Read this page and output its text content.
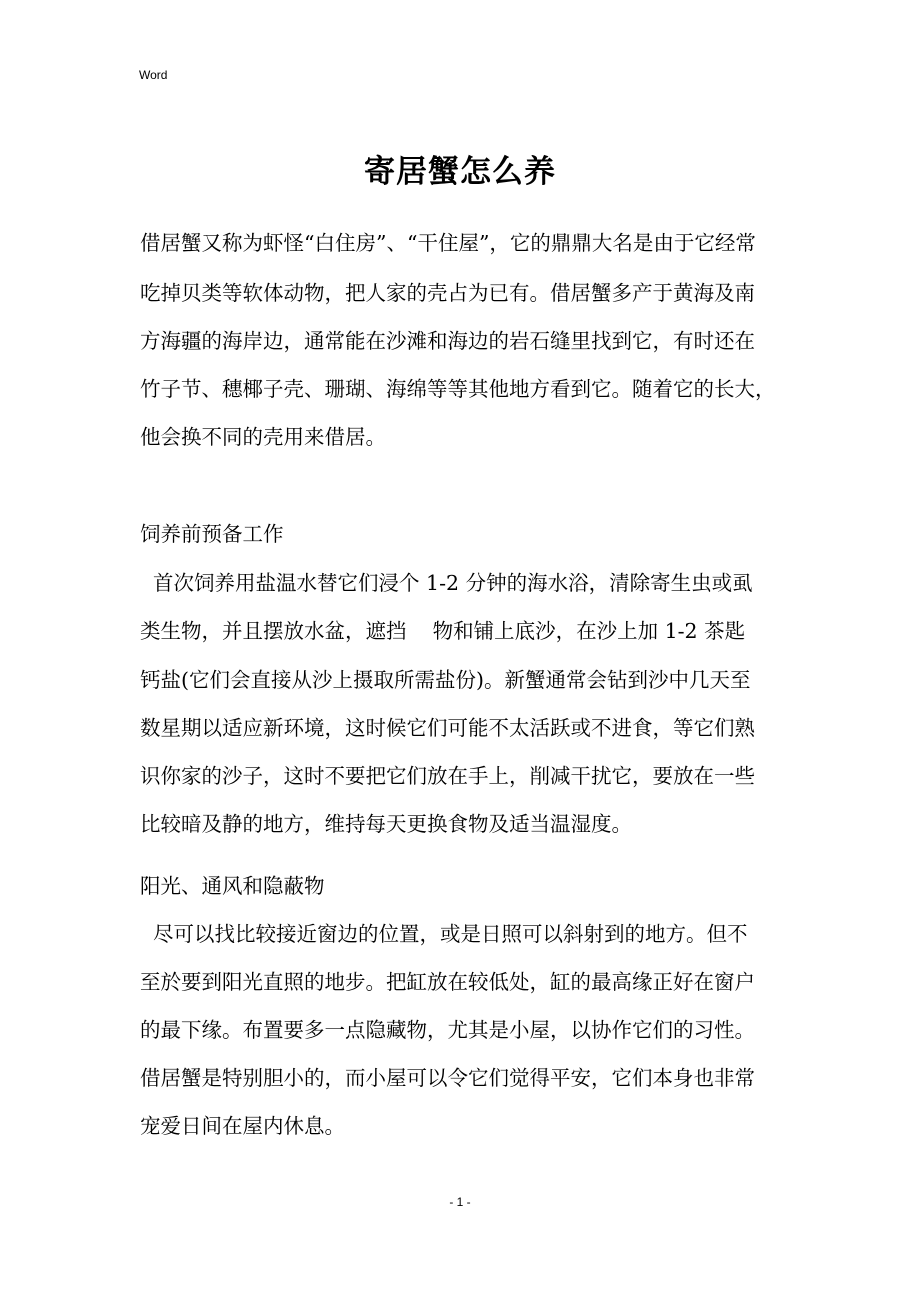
Word
寄居蟹怎么养
借居蟹又称为虾怪“白住房”、“干住屋”，它的鼎鼎大名是由于它经常
吃掉贝类等软体动物，把人家的壳占为已有。借居蟹多产于黄海及南
方海疆的海岸边，通常能在沙滩和海边的岩石缝里找到它，有时还在
竹子节、穗椰子壳、珊瑚、海绵等等其他地方看到它。随着它的长大，
他会换不同的壳用来借居。
饲养前预备工作
首次饲养用盐温水替它们浸个 1-2 分钟的海水浴，清除寄生虫或虱
类生物，并且摆放水盆，遮挡    物和铺上底沙，在沙上加 1-2 茶匙
钙盐(它们会直接从沙上摄取所需盐份)。新蟹通常会钻到沙中几天至
数星期以适应新环境，这时候它们可能不太活跃或不进食，等它们熟
识你家的沙子，这时不要把它们放在手上，削减干扰它，要放在一些
比较暗及静的地方，维持每天更换食物及适当温湿度。
阳光、通风和隐蔽物
尽可以找比较接近窗边的位置，或是日照可以斜射到的地方。但不
至於要到阳光直照的地步。把缸放在较低处，缸的最高缘正好在窗户
的最下缘。布置要多一点隐藏物，尤其是小屋，以协作它们的习性。
借居蟹是特别胆小的，而小屋可以令它们觉得平安，它们本身也非常
宠爱日间在屋内休息。
- 1 -
